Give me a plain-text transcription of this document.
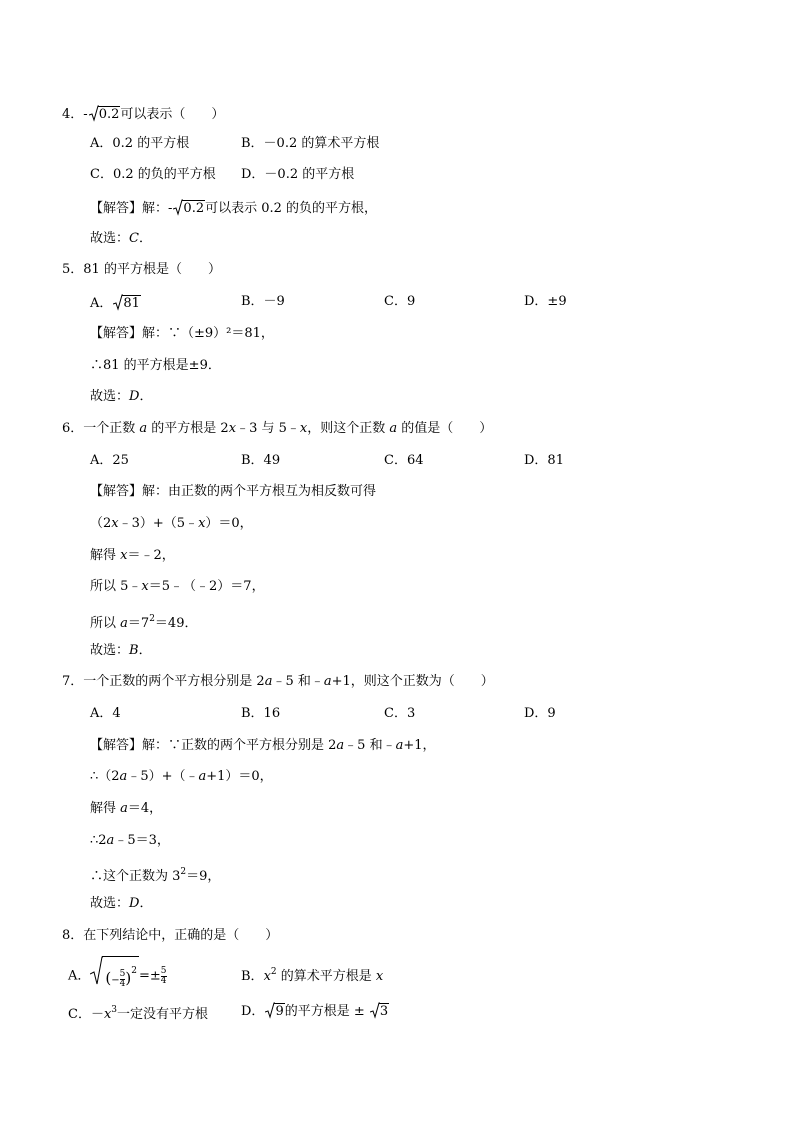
4．- 0.2可以表示（　　）
A．0.2 的平方根	B．－0.2 的算术平方根
C．0.2 的负的平方根 D．－0.2 的平方根
【解答】解：- 0.2可以表示 0.2 的负的平方根，
故选：C．
5．81 的平方根是（　　）
A． 81	B．－9	C．9	D．±9
【解答】解：∵（±9）²＝81，
∴81 的平方根是±9．
故选：D．
6．一个正数 a 的平方根是 2x﹣3 与 5﹣x，则这个正数 a 的值是（　　）
A．25	B．49	C．64	D．81
【解答】解：由正数的两个平方根互为相反数可得
（2x﹣3）+（5﹣x）＝0，
解得 x＝﹣2，
所以 5﹣x＝5﹣（﹣2）＝7，
所以 $a=7^2=49$．
故选：B．
7．一个正数的两个平方根分别是 2a﹣5 和﹣a+1，则这个正数为（　　）
A．4	B．16	C．3	D．9
【解答】解：∵正数的两个平方根分别是 2a﹣5 和﹣a+1，
∴（2a﹣5）+（﹣a+1）＝0，
解得 a＝4，
∴2a﹣5＝3，
∴这个正数为 $3^2=9$，
故选：D．
8．在下列结论中，正确的是（　　）
A． (− $\frac{5}{4} )^2 =\pm \frac{5}{4}$	B．$x^2$ 的算术平方根是 x
C．$-x^3$一定没有平方根	D． 9的平方根是 ±
3
